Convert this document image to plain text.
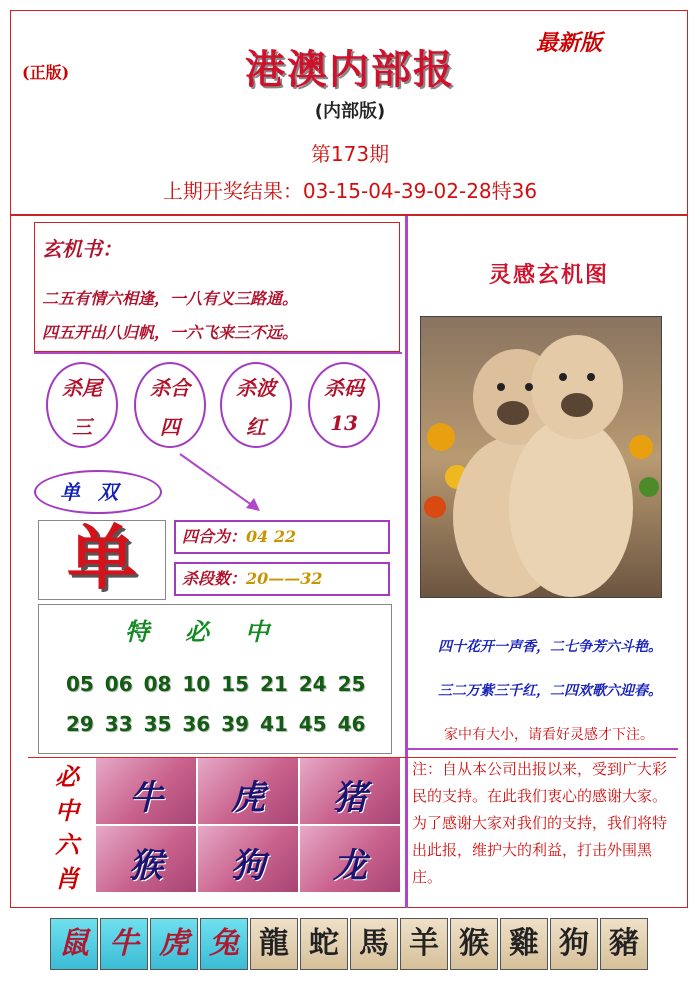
(正版)	港澳内部报
最新版
(内部版)
第173期
上期开奖结果：03-15-04-39-02-28特36
玄机书：
二五有情六相逢，一八有义三路通。
四五开出八归帆，一六飞来三不远。
杀尾
三
杀合
四
杀波
红
杀码
13
单双
单	四合为：04 22
杀段数：20——32
特必中
05 06 08 10 15 21 24 25
29 33 35 36 39 41 45 46
灵感玄机图
四十花开一声香，二七争芳六斗艳。
三二万紫三千红，二四欢歌六迎春。
家中有大小，请看好灵感才下注。
注：自从本公司出报以来，受到广大彩民的支持。在此我们衷心的感谢大家。为了感谢大家对我们的支持，我们将特出此报，维护大的利益，打击外围黑庄。
必
中
六
肖
牛	虎	猪
猴	狗	龙
鼠 牛 虎 兔 龍 蛇 馬 羊 猴 雞 狗 豬
